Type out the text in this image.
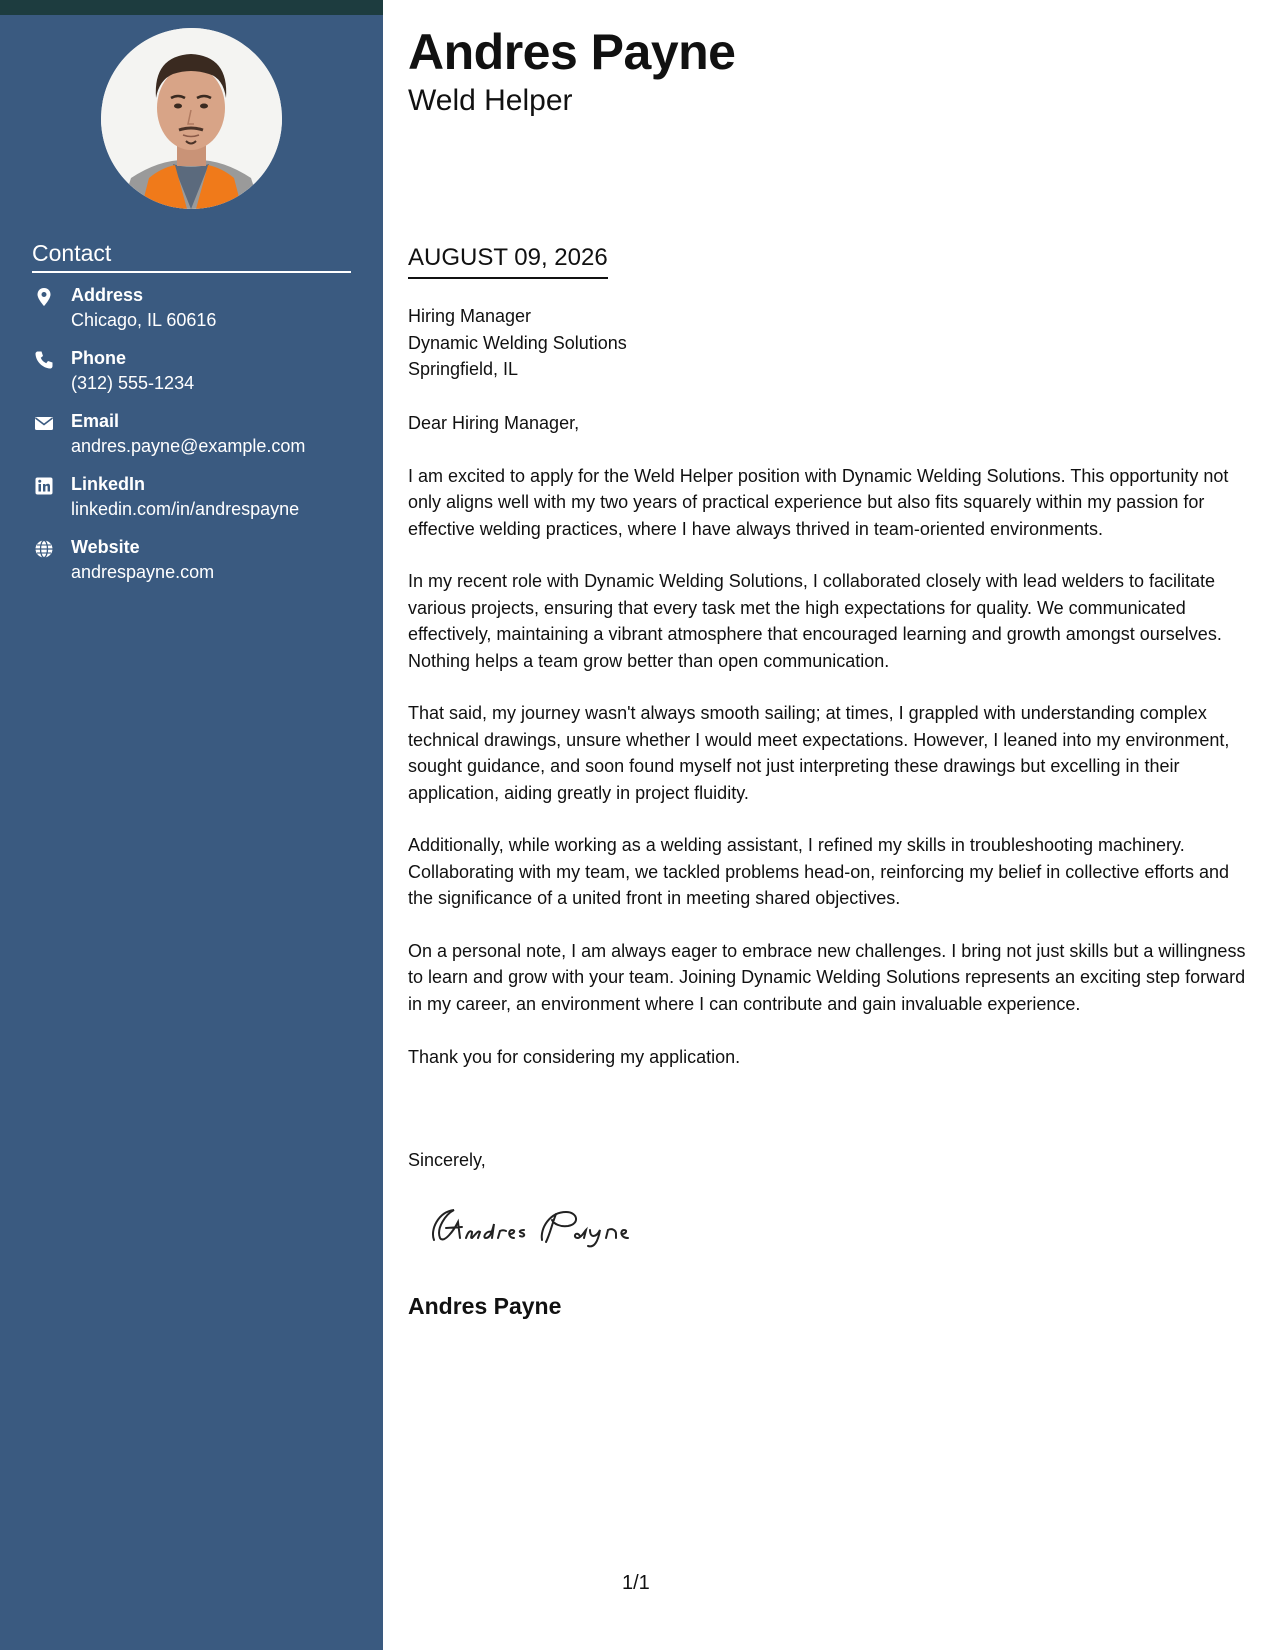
Contact
Address
Chicago, IL 60616
Phone
(312) 555-1234
Email
andres.payne@example.com
LinkedIn
linkedin.com/in/andrespayne
Website
andrespayne.com
Andres Payne
Weld Helper
AUGUST 09, 2026
Hiring Manager
Dynamic Welding Solutions
Springfield, IL

Dear Hiring Manager,

I am excited to apply for the Weld Helper position with Dynamic Welding Solutions. This opportunity not only aligns well with my two years of practical experience but also fits squarely within my passion for effective welding practices, where I have always thrived in team-oriented environments.

In my recent role with Dynamic Welding Solutions, I collaborated closely with lead welders to facilitate various projects, ensuring that every task met the high expectations for quality. We communicated effectively, maintaining a vibrant atmosphere that encouraged learning and growth amongst ourselves. Nothing helps a team grow better than open communication.

That said, my journey wasn't always smooth sailing; at times, I grappled with understanding complex technical drawings, unsure whether I would meet expectations. However, I leaned into my environment, sought guidance, and soon found myself not just interpreting these drawings but excelling in their application, aiding greatly in project fluidity.

Additionally, while working as a welding assistant, I refined my skills in troubleshooting machinery. Collaborating with my team, we tackled problems head-on, reinforcing my belief in collective efforts and the significance of a united front in meeting shared objectives.

On a personal note, I am always eager to embrace new challenges. I bring not just skills but a willingness to learn and grow with your team. Joining Dynamic Welding Solutions represents an exciting step forward in my career, an environment where I can contribute and gain invaluable experience.

Thank you for considering my application.

Sincerely,
Andres Payne
1/1
